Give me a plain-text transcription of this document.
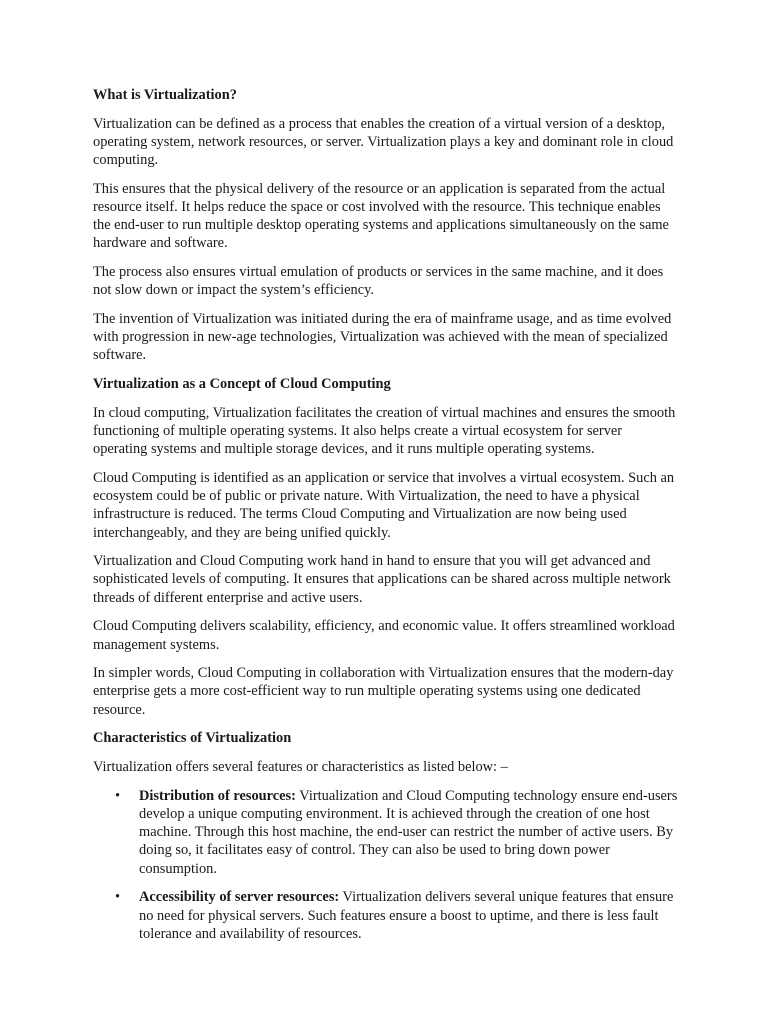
What is Virtualization?

Virtualization can be defined as a process that enables the creation of a virtual version of a desktop, operating system, network resources, or server. Virtualization plays a key and dominant role in cloud computing.

This ensures that the physical delivery of the resource or an application is separated from the actual resource itself. It helps reduce the space or cost involved with the resource. This technique enables the end-user to run multiple desktop operating systems and applications simultaneously on the same hardware and software.

The process also ensures virtual emulation of products or services in the same machine, and it does not slow down or impact the system’s efficiency.

The invention of Virtualization was initiated during the era of mainframe usage, and as time evolved with progression in new-age technologies, Virtualization was achieved with the mean of specialized software.

Virtualization as a Concept of Cloud Computing

In cloud computing, Virtualization facilitates the creation of virtual machines and ensures the smooth functioning of multiple operating systems. It also helps create a virtual ecosystem for server operating systems and multiple storage devices, and it runs multiple operating systems.

Cloud Computing is identified as an application or service that involves a virtual ecosystem. Such an ecosystem could be of public or private nature. With Virtualization, the need to have a physical infrastructure is reduced. The terms Cloud Computing and Virtualization are now being used interchangeably, and they are being unified quickly.

Virtualization and Cloud Computing work hand in hand to ensure that you will get advanced and sophisticated levels of computing. It ensures that applications can be shared across multiple network threads of different enterprise and active users.

Cloud Computing delivers scalability, efficiency, and economic value. It offers streamlined workload management systems.

In simpler words, Cloud Computing in collaboration with Virtualization ensures that the modern-day enterprise gets a more cost-efficient way to run multiple operating systems using one dedicated resource.

Characteristics of Virtualization

Virtualization offers several features or characteristics as listed below: –

• Distribution of resources: Virtualization and Cloud Computing technology ensure end-users develop a unique computing environment. It is achieved through the creation of one host machine. Through this host machine, the end-user can restrict the number of active users. By doing so, it facilitates easy of control. They can also be used to bring down power consumption.
• Accessibility of server resources: Virtualization delivers several unique features that ensure no need for physical servers. Such features ensure a boost to uptime, and there is less fault tolerance and availability of resources.
